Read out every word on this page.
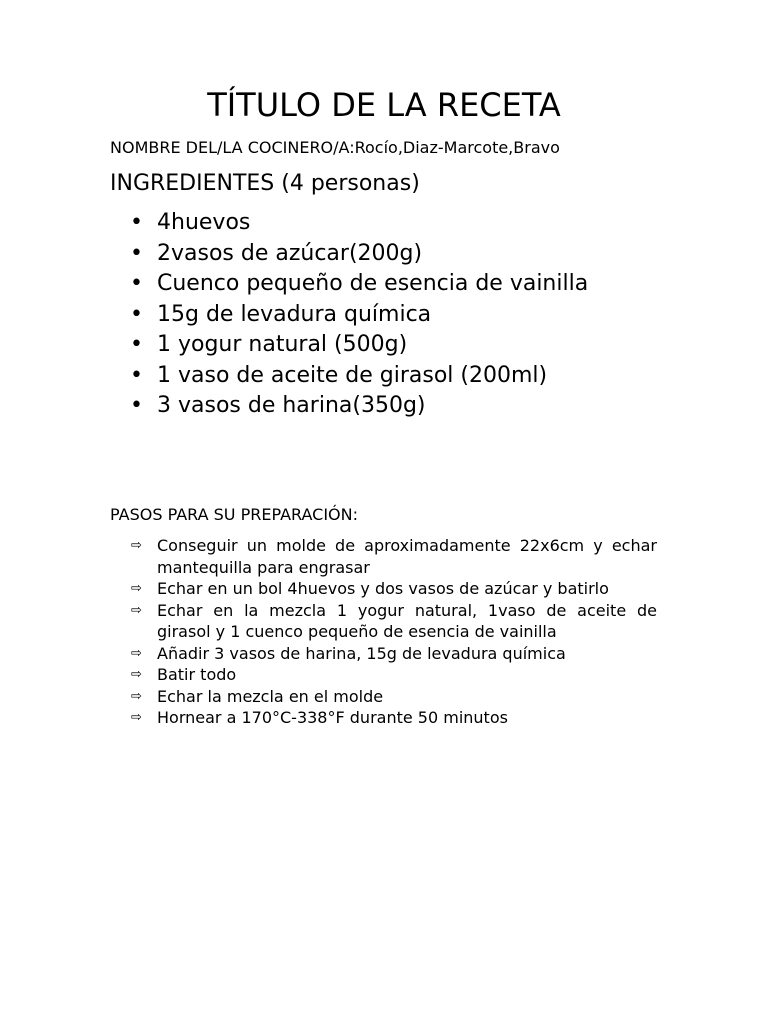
TÍTULO DE LA RECETA
NOMBRE DEL/LA COCINERO/A:Rocío,Diaz-Marcote,Bravo
INGREDIENTES (4 personas)
• 4huevos
• 2vasos de azúcar(200g)
• Cuenco pequeño de esencia de vainilla
• 15g de levadura química
• 1 yogur natural (500g)
• 1 vaso de aceite de girasol (200ml)
• 3 vasos de harina(350g)
PASOS PARA SU PREPARACIÓN:
⇨ Conseguir un molde de aproximadamente 22x6cm y echar mantequilla para engrasar
⇨ Echar en un bol 4huevos y dos vasos de azúcar y batirlo
⇨ Echar en la mezcla 1 yogur natural, 1vaso de aceite de girasol y 1 cuenco pequeño de esencia de vainilla
⇨ Añadir 3 vasos de harina, 15g de levadura química
⇨ Batir todo
⇨ Echar la mezcla en el molde
⇨ Hornear a 170°C-338°F durante 50 minutos
